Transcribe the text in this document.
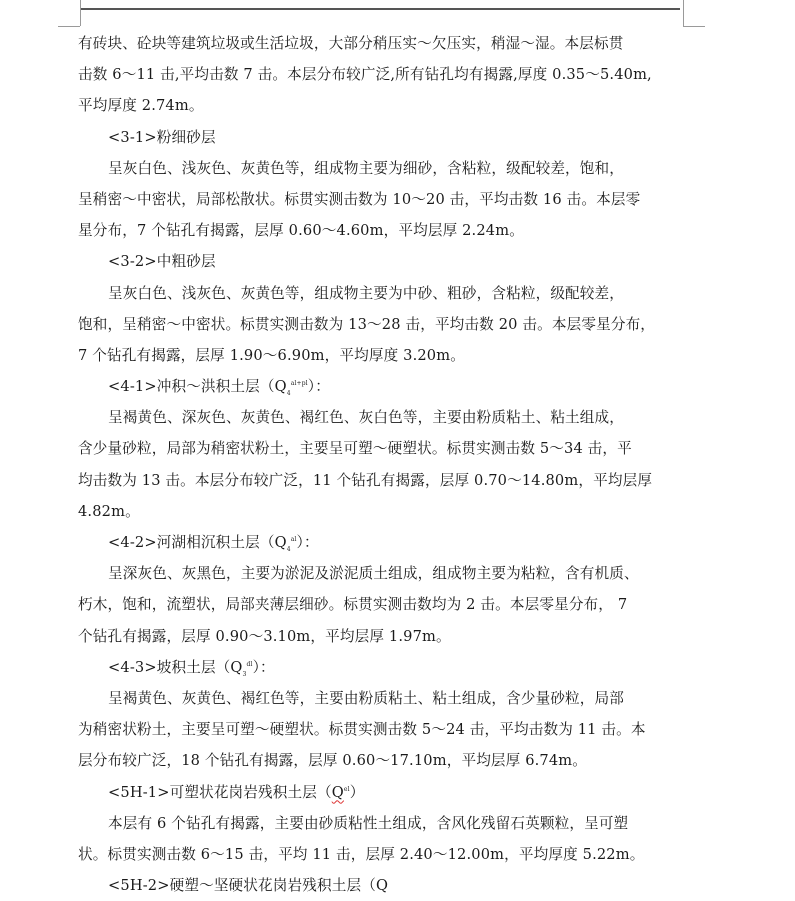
有砖块、砼块等建筑垃圾或生活垃圾，大部分稍压实～欠压实，稍湿～湿。本层标贯
击数 6～11 击,平均击数 7 击。本层分布较广泛,所有钻孔均有揭露,厚度 0.35～5.40m,
平均厚度 2.74m。
<3-1>粉细砂层
呈灰白色、浅灰色、灰黄色等，组成物主要为细砂，含粘粒，级配较差，饱和，
呈稍密～中密状，局部松散状。标贯实测击数为 10～20 击，平均击数 16 击。本层零
星分布，7 个钻孔有揭露，层厚 0.60～4.60m，平均层厚 2.24m。
<3-2>中粗砂层
呈灰白色、浅灰色、灰黄色等，组成物主要为中砂、粗砂，含粘粒，级配较差，
饱和，呈稍密～中密状。标贯实测击数为 13～28 击，平均击数 20 击。本层零星分布，
7 个钻孔有揭露，层厚 1.90～6.90m，平均厚度 3.20m。
<4-1>冲积～洪积土层$(Q_4^{al+pl})$：
呈褐黄色、深灰色、灰黄色、褐红色、灰白色等，主要由粉质粘土、粘土组成，
含少量砂粒，局部为稍密状粉土，主要呈可塑～硬塑状。标贯实测击数 5～34 击，平
均击数为 13 击。本层分布较广泛，11 个钻孔有揭露，层厚 0.70～14.80m，平均层厚
4.82m。
<4-2>河湖相沉积土层$(Q_4^{al})$：
呈深灰色、灰黑色，主要为淤泥及淤泥质土组成，组成物主要为粘粒，含有机质、
朽木，饱和，流塑状，局部夹薄层细砂。标贯实测击数均为 2 击。本层零星分布， 7
个钻孔有揭露，层厚 0.90～3.10m，平均层厚 1.97m。
<4-3>坡积土层$(Q_3^{dl})$：
呈褐黄色、灰黄色、褐红色等，主要由粉质粘土、粘土组成，含少量砂粒，局部
为稍密状粉土，主要呈可塑～硬塑状。标贯实测击数 5～24 击，平均击数为 11 击。本
层分布较广泛，18 个钻孔有揭露，层厚 0.60～17.10m，平均层厚 6.74m。
<5H-1>可塑状花岗岩残积土层$(Q^{el})$
本层有 6 个钻孔有揭露，主要由砂质粘性土组成，含风化残留石英颗粒，呈可塑
状。标贯实测击数 6～15 击，平均 11 击，层厚 2.40～12.00m，平均厚度 5.22m。
<5H-2>硬塑～坚硬状花岗岩残积土层（Q
